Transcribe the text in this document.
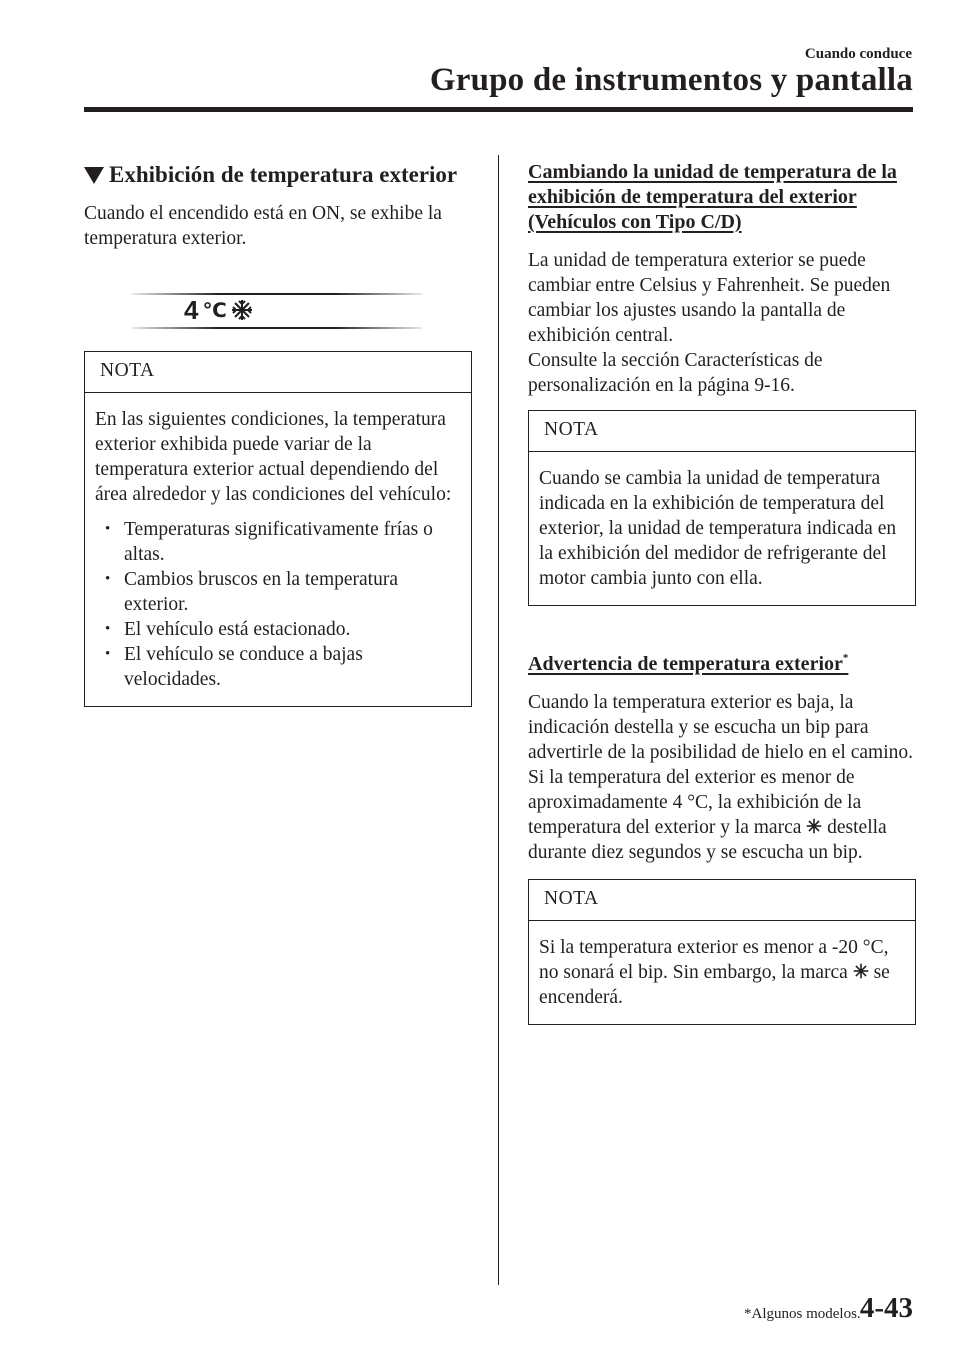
Cuando conduce
Grupo de instrumentos y pantalla
Exhibición de temperatura exterior

Cuando el encendido está en ON, se exhibe la temperatura exterior.

4 ℃
NOTA

En las siguientes condiciones, la temperatura exterior exhibida puede variar de la temperatura exterior actual dependiendo del área alrededor y las condiciones del vehículo:

• Temperaturas significativamente frías o altas.
• Cambios bruscos en la temperatura exterior.
• El vehículo está estacionado.
• El vehículo se conduce a bajas velocidades.
Cambiando la unidad de temperatura de la exhibición de temperatura del exterior (Vehículos con Tipo C/D)

La unidad de temperatura exterior se puede cambiar entre Celsius y Fahrenheit. Se pueden cambiar los ajustes usando la pantalla de exhibición central.

Consulte la sección Características de personalización en la página 9-16.

NOTA

Cuando se cambia la unidad de temperatura indicada en la exhibición de temperatura del exterior, la unidad de temperatura indicada en la exhibición del medidor de refrigerante del motor cambia junto con ella.

Advertencia de temperatura exterior*

Cuando la temperatura exterior es baja, la indicación destella y se escucha un bip para advertirle de la posibilidad de hielo en el camino.

Si la temperatura del exterior es menor de aproximadamente 4 °C, la exhibición de la temperatura del exterior y la marca destella durante diez segundos y se escucha un bip.

NOTA

Si la temperatura exterior es menor a -20 °C, no sonará el bip. Sin embargo, la marca se encenderá.

*Algunos modelos. 4-43
